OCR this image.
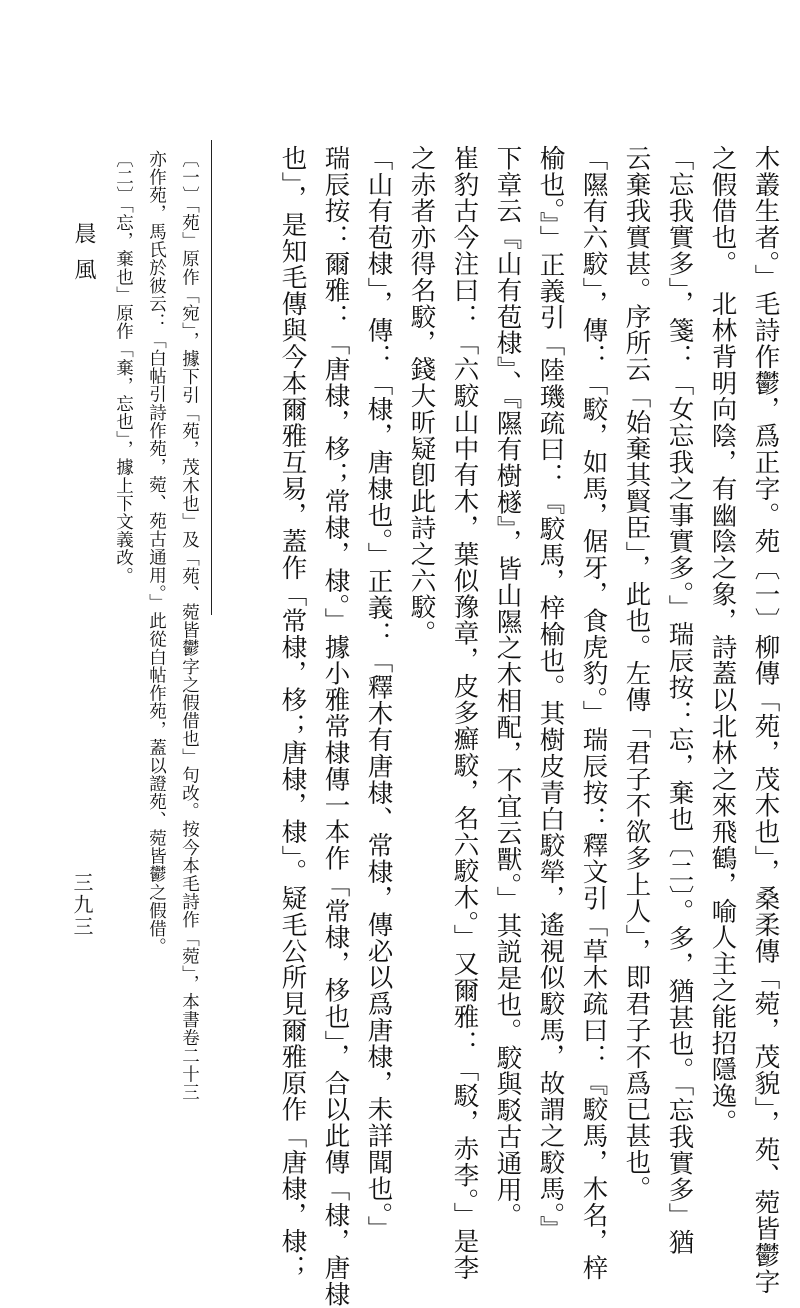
木叢生者。」毛詩作鬱，爲正字。苑〔一〕柳傳「苑，茂木也」，桑柔傳「菀，茂貌」，苑、菀皆鬱字
之假借也。　北林背明向陰，有幽陰之象，詩蓋以北林之來飛鶴，喻人主之能招隱逸。
「忘我實多」，箋：「女忘我之事實多。」瑞辰按：忘，棄也〔二〕。多，猶甚也。「忘我實多」猶
云棄我實甚。序所云「始棄其賢臣」，此也。左傳「君子不欲多上人」，即君子不爲已甚也。
「隰有六駮」，傳：「駮，如馬，倨牙，食虎豹。」瑞辰按：釋文引「草木疏曰：『駮馬，木名，梓
榆也。』」正義引「陸璣疏曰：『駮馬，梓榆也。其樹皮青白駮犖，遙視似駮馬，故謂之駮馬。』
下章云『山有苞棣』、『隰有樹檖』，皆山隰之木相配，不宜云獸。」其説是也。駮與駁古通用。
崔豹古今注曰：「六駮山中有木，葉似豫章，皮多癬駮，名六駮木。」又爾雅：「駁，赤李。」是李
之赤者亦得名駮，錢大昕疑卽此詩之六駮。
「山有苞棣」，傳：「棣，唐棣也。」正義：「釋木有唐棣、常棣，傳必以爲唐棣，未詳聞也。」
瑞辰按：爾雅：「唐棣，栘；常棣，棣。」據小雅常棣傳一本作「常棣，栘也」，合以此傳「棣，唐棣
也」，是知毛傳與今本爾雅互易，蓋作「常棣，栘；唐棣，棣」。疑毛公所見爾雅原作「唐棣，棣；
〔一〕「苑」原作「宛」，據下引「苑，茂木也」及「苑、菀皆鬱字之假借也」句改。按今本毛詩作「菀」，本書卷二十三
亦作苑，馬氏於彼云：「白帖引詩作苑，菀、苑古通用。」此從白帖作苑，蓋以證苑、菀皆鬱之假借。
〔二〕「忘，棄也」原作「棄，忘也」，據上下文義改。
晨風
三九三
